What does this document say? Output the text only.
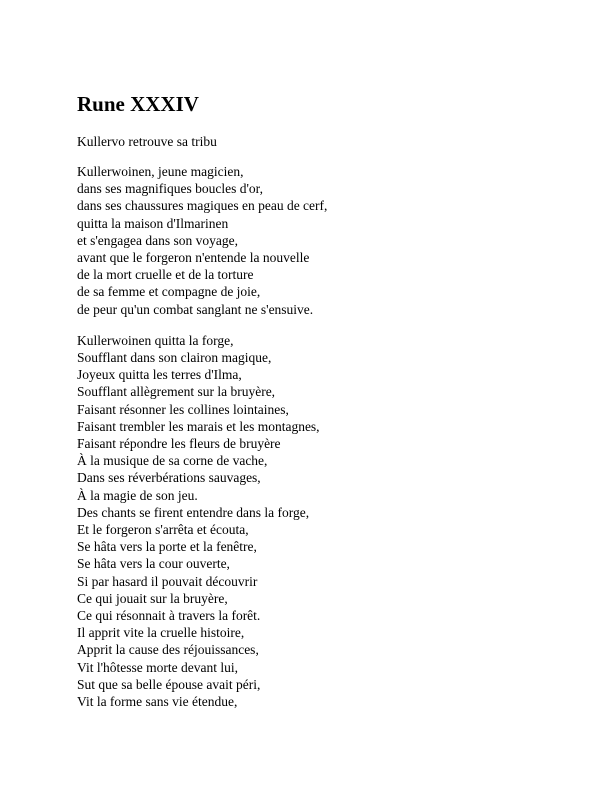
Rune XXXIV

Kullervo retrouve sa tribu

Kullerwoinen, jeune magicien,
dans ses magnifiques boucles d'or,
dans ses chaussures magiques en peau de cerf,
quitta la maison d'Ilmarinen
et s'engagea dans son voyage,
avant que le forgeron n'entende la nouvelle
de la mort cruelle et de la torture
de sa femme et compagne de joie,
de peur qu'un combat sanglant ne s'ensuive.
Kullerwoinen quitta la forge,
Soufflant dans son clairon magique,
Joyeux quitta les terres d'Ilma,
Soufflant allègrement sur la bruyère,
Faisant résonner les collines lointaines,
Faisant trembler les marais et les montagnes,
Faisant répondre les fleurs de bruyère
À la musique de sa corne de vache,
Dans ses réverbérations sauvages,
À la magie de son jeu.
Des chants se firent entendre dans la forge,
Et le forgeron s'arrêta et écouta,
Se hâta vers la porte et la fenêtre,
Se hâta vers la cour ouverte,
Si par hasard il pouvait découvrir
Ce qui jouait sur la bruyère,
Ce qui résonnait à travers la forêt.
Il apprit vite la cruelle histoire,
Apprit la cause des réjouissances,
Vit l'hôtesse morte devant lui,
Sut que sa belle épouse avait péri,
Vit la forme sans vie étendue,
